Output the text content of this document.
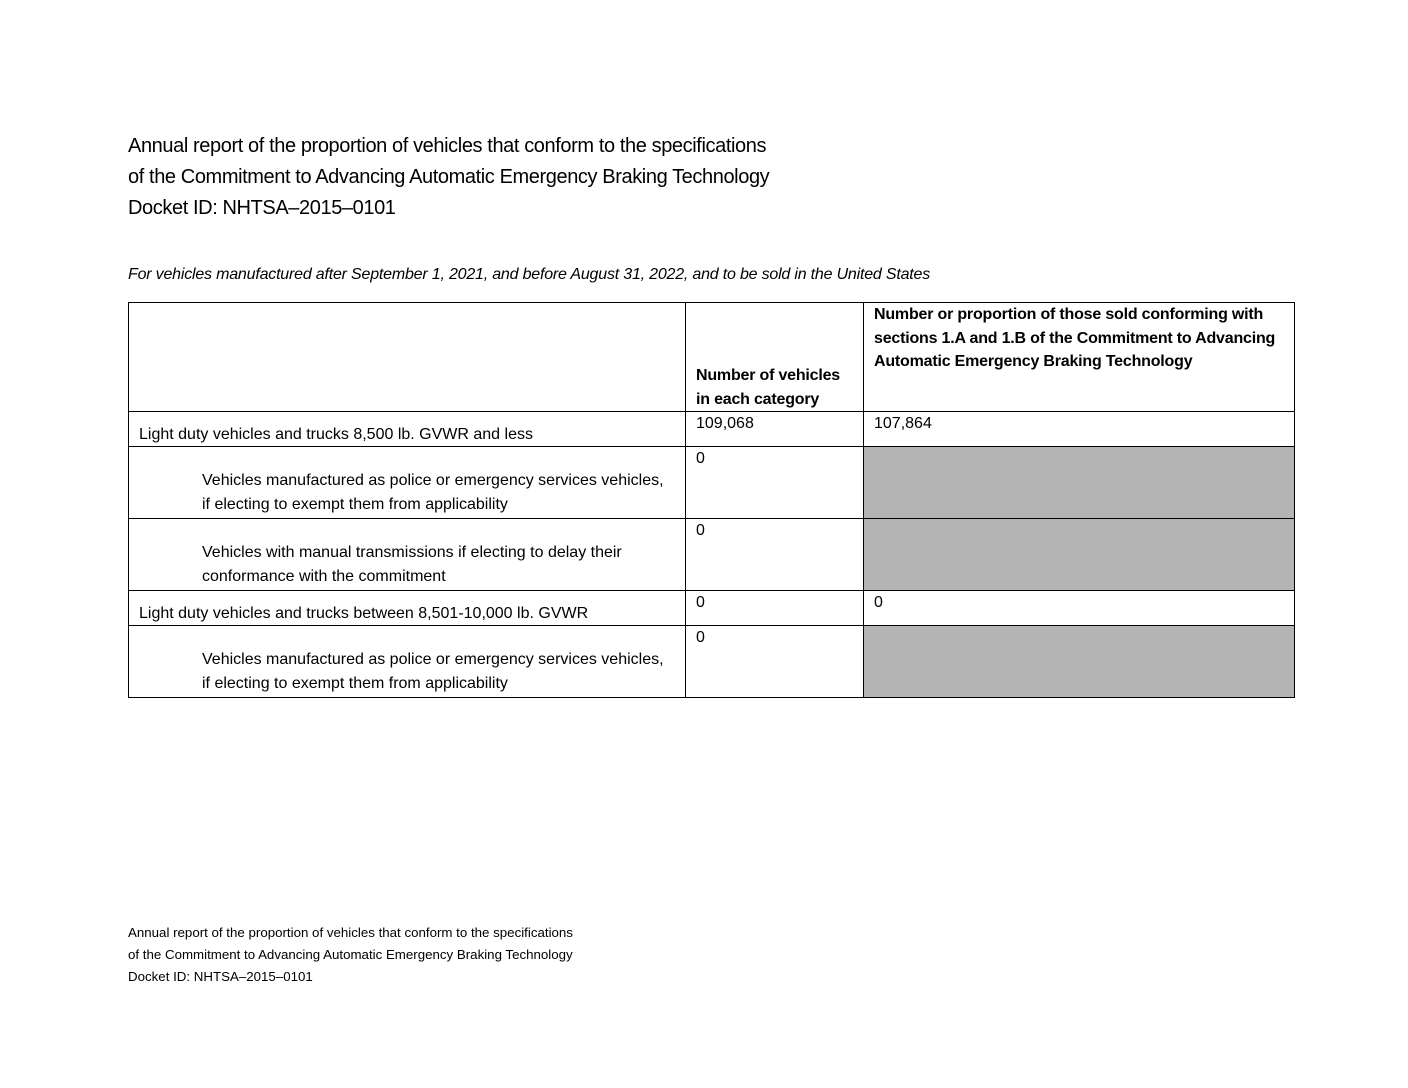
Annual report of the proportion of vehicles that conform to the specifications
of the Commitment to Advancing Automatic Emergency Braking Technology
Docket ID: NHTSA–2015–0101
For vehicles manufactured after September 1, 2021, and before August 31, 2022, and to be sold in the United States

	Number of vehicles in each category	Number or proportion of those sold conforming with sections 1.A and 1.B of the Commitment to Advancing Automatic Emergency Braking Technology

Light duty vehicles and trucks 8,500 lb. GVWR and less	109,068	107,864

Vehicles manufactured as police or emergency services vehicles, if electing to exempt them from applicability	0	

Vehicles with manual transmissions if electing to delay their conformance with the commitment	0	

Light duty vehicles and trucks between 8,501-10,000 lb. GVWR	0	0

Vehicles manufactured as police or emergency services vehicles, if electing to exempt them from applicability	0	

Annual report of the proportion of vehicles that conform to the specifications
of the Commitment to Advancing Automatic Emergency Braking Technology
Docket ID: NHTSA–2015–0101
